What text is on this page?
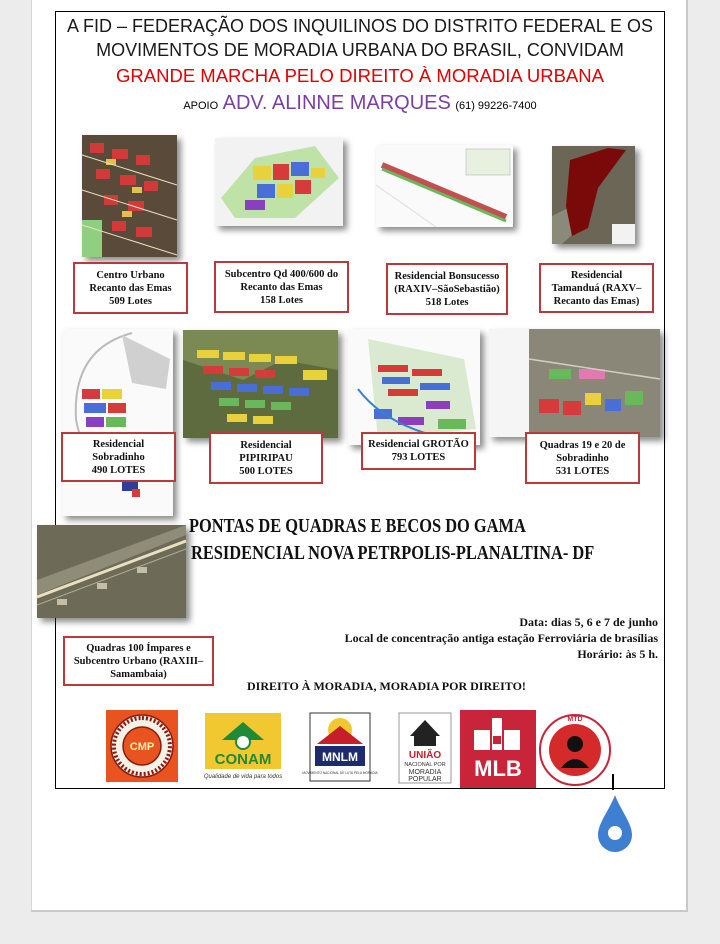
A FID – FEDERAÇÃO DOS INQUILINOS DO DISTRITO FEDERAL E OS
MOVIMENTOS DE MORADIA URBANA DO BRASIL, CONVIDAM
GRANDE MARCHA PELO DIREITO À MORADIA URBANA
APOIO ADV. ALINNE MARQUES (61) 99226-7400
Centro Urbano
Recanto das Emas
509 Lotes
Subcentro Qd 400/600 do
Recanto das Emas
158 Lotes
Residencial Bonsucesso
(RAXIV–SãoSebastião)
518 Lotes
Residencial
Tamanduá (RAXV–
Recanto das Emas)
Residencial
Sobradinho
490 LOTES
Residencial
PIPIRIPAU
500 LOTES
Residencial GROTÃO
793 LOTES
Quadras 19 e 20 de
Sobradinho
531 LOTES
PONTAS DE QUADRAS E BECOS DO GAMA
RESIDENCIAL NOVA PETRPOLIS-PLANALTINA- DF
Quadras 100 Ímpares e
Subcentro Urbano (RAXIII–
Samambaia)
Data: dias 5, 6 e 7 de junho
Local de concentração antiga estação Ferroviária de brasílias
Horário: às 5 h.
DIREITO À MORADIA, MORADIA POR DIREITO!
CMP
CONAM
Qualidade de vida para todos
MNLM
MOVIMENTO NACIONAL DE LUTA PELA MORADIA
UNIÃO
NACIONAL POR
MORADIA
POPULAR MLB
MTD
